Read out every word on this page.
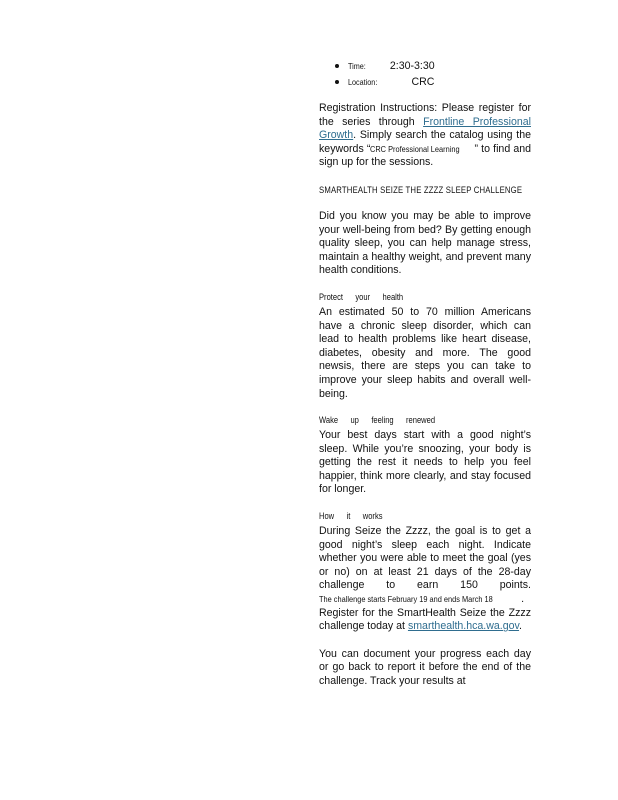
Time: 2:30-3:30
Location:	CRC

Registration Instructions: Please register for the series through Frontline Professional Growth. Simply search the catalog using the keywords “CRC Professional Learning ” to find and sign up for the sessions.

SMARTHEALTH SEIZE THE ZZZZ SLEEP CHALLENGE

Did you know you may be able to improve your well-being from bed? By getting enough quality sleep, you can help manage stress, maintain a healthy weight, and prevent many health conditions.

Protect your health

An estimated 50 to 70 million Americans have a chronic sleep disorder, which can lead to health problems like heart disease, diabetes, obesity and more. The good newsis, there are steps you can take to improve your sleep habits and overall well-being.

Wake up feeling renewed

Your best days start with a good night’s sleep. While you’re snoozing, your body is getting the rest it needs to help you feel happier, think more clearly, and stay focused for longer.

How it works

During Seize the Zzzz, the goal is to get a good night’s sleep each night. Indicate whether you were able to meet the goal (yes or no) on at least 21 days of the 28-day challenge to earn 150 points. The challenge starts February 19 and ends March 18	. Register for the SmartHealth Seize the Zzzz challenge today at smarthealth.hca.wa.gov.

You can document your progress each day or go back to report it before the end of the challenge. Track your results at
